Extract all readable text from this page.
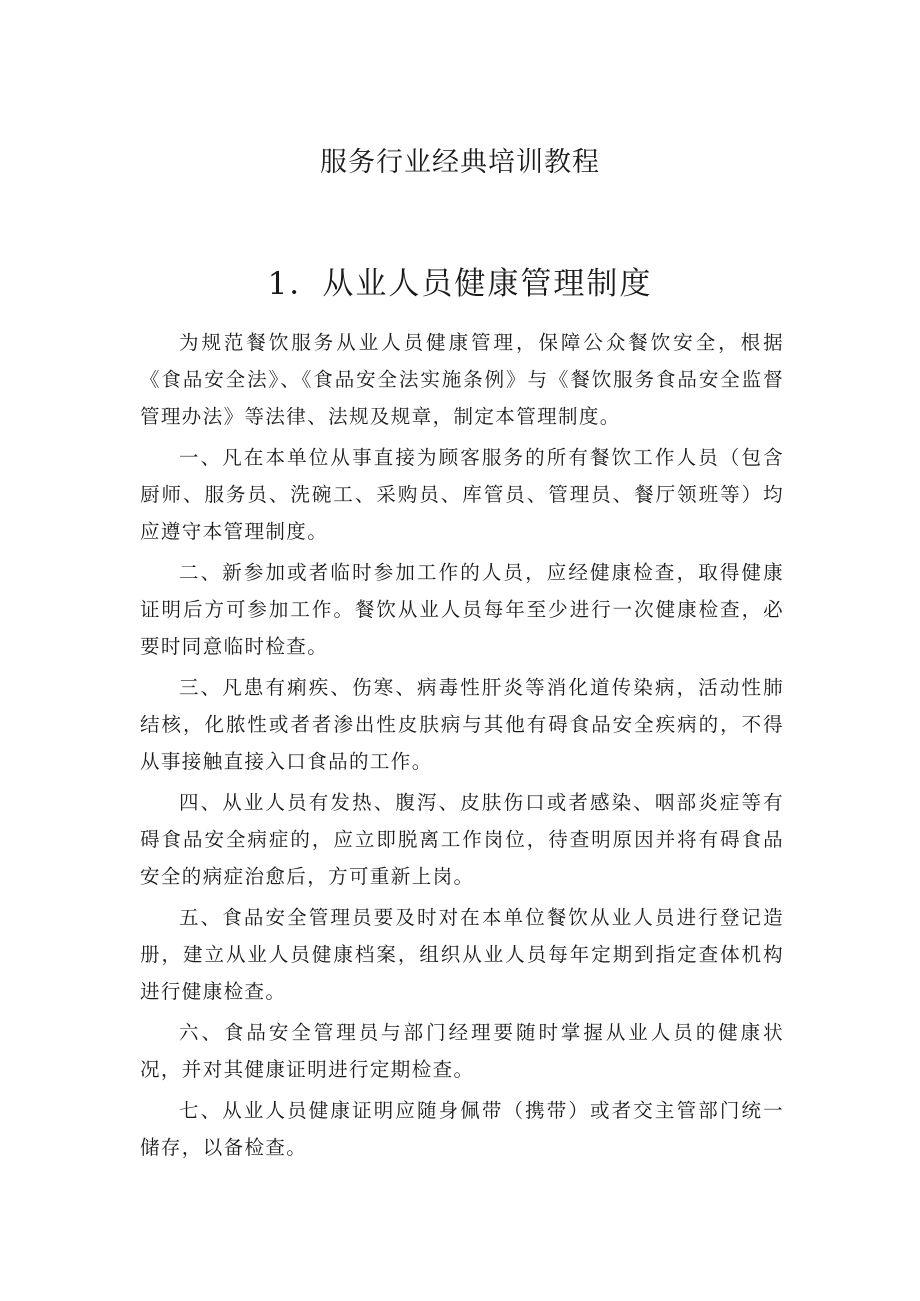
服务行业经典培训教程
1．从业人员健康管理制度

为规范餐饮服务从业人员健康管理，保障公众餐饮安全，根据《食品安全法》、《食品安全法实施条例》与《餐饮服务食品安全监督管理办法》等法律、法规及规章，制定本管理制度。

一、凡在本单位从事直接为顾客服务的所有餐饮工作人员（包含厨师、服务员、洗碗工、采购员、库管员、管理员、餐厅领班等）均应遵守本管理制度。

二、新参加或者临时参加工作的人员，应经健康检查，取得健康证明后方可参加工作。餐饮从业人员每年至少进行一次健康检查，必要时同意临时检查。

三、凡患有痢疾、伤寒、病毒性肝炎等消化道传染病，活动性肺结核，化脓性或者者渗出性皮肤病与其他有碍食品安全疾病的，不得从事接触直接入口食品的工作。

四、从业人员有发热、腹泻、皮肤伤口或者感染、咽部炎症等有碍食品安全病症的，应立即脱离工作岗位，待查明原因并将有碍食品安全的病症治愈后，方可重新上岗。

五、食品安全管理员要及时对在本单位餐饮从业人员进行登记造册，建立从业人员健康档案，组织从业人员每年定期到指定查体机构进行健康检查。

六、食品安全管理员与部门经理要随时掌握从业人员的健康状况，并对其健康证明进行定期检查。

七、从业人员健康证明应随身佩带（携带）或者交主管部门统一储存，以备检查。
